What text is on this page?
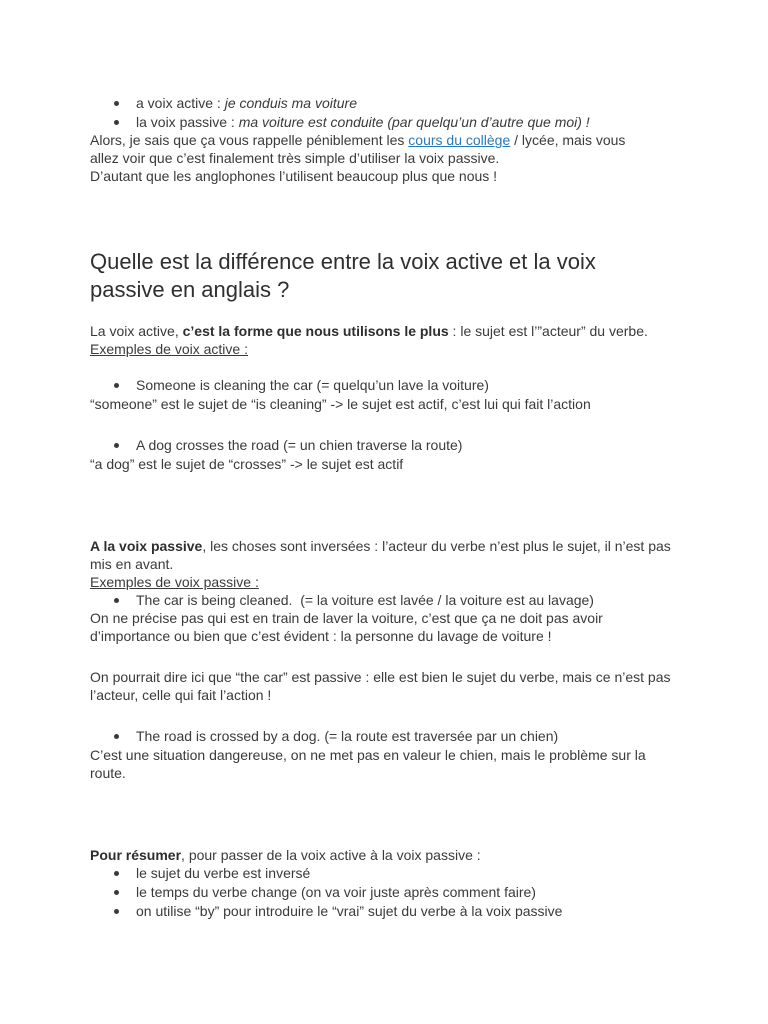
a voix active : je conduis ma voiture
la voix passive : ma voiture est conduite (par quelqu’un d’autre que moi) !
Alors, je sais que ça vous rappelle péniblement les cours du collège / lycée, mais vous
allez voir que c’est finalement très simple d’utiliser la voix passive.
D’autant que les anglophones l’utilisent beaucoup plus que nous !
Quelle est la différence entre la voix active et la voix passive en anglais ?

La voix active, c’est la forme que nous utilisons le plus : le sujet est l’”acteur” du verbe.

Exemples de voix active :
Someone is cleaning the car (= quelqu’un lave la voiture)
“someone” est le sujet de “is cleaning” -> le sujet est actif, c’est lui qui fait l’action
A dog crosses the road (= un chien traverse la route)
“a dog” est le sujet de “crosses” -> le sujet est actif

A la voix passive, les choses sont inversées : l’acteur du verbe n’est plus le sujet, il n’est pas mis en avant.

Exemples de voix passive :
The car is being cleaned.  (= la voiture est lavée / la voiture est au lavage)

On ne précise pas qui est en train de laver la voiture, c’est que ça ne doit pas avoir d’importance ou bien que c’est évident : la personne du lavage de voiture !

On pourrait dire ici que “the car” est passive : elle est bien le sujet du verbe, mais ce n’est pas l’acteur, celle qui fait l’action !

The road is crossed by a dog. (= la route est traversée par un chien)

C’est une situation dangereuse, on ne met pas en valeur le chien, mais le problème sur la route.

Pour résumer, pour passer de la voix active à la voix passive :
le sujet du verbe est inversé
le temps du verbe change (on va voir juste après comment faire)
on utilise “by” pour introduire le “vrai” sujet du verbe à la voix passive
